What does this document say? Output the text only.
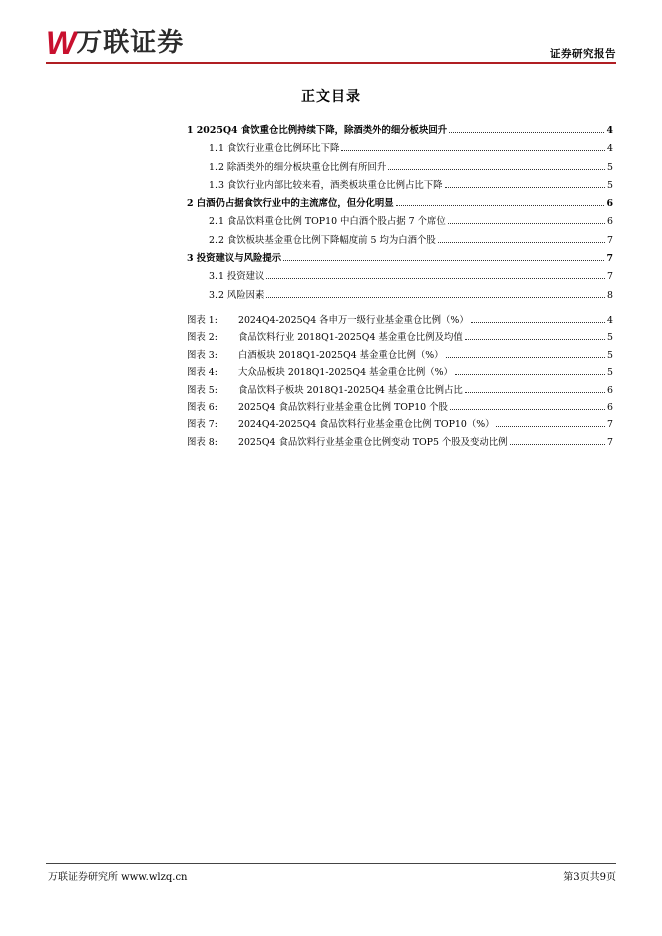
W 万联证券	证券研究报告
正文目录
1 2025Q4 食饮重仓比例持续下降，除酒类外的细分板块回升	4
1.1 食饮行业重仓比例环比下降	4
1.2 除酒类外的细分板块重仓比例有所回升	5
1.3 食饮行业内部比较来看，酒类板块重仓比例占比下降	5
2 白酒仍占据食饮行业中的主流席位，但分化明显	6
2.1 食品饮料重仓比例 TOP10 中白酒个股占据 7 个席位	6
2.2 食饮板块基金重仓比例下降幅度前 5 均为白酒个股	7
3 投资建议与风险提示	7
3.1 投资建议	7
3.2 风险因素	8
图表 1:	2024Q4-2025Q4 各申万一级行业基金重仓比例（%）	4
图表 2:	食品饮料行业 2018Q1-2025Q4 基金重仓比例及均值	5
图表 3:	白酒板块 2018Q1-2025Q4 基金重仓比例（%）	5
图表 4:	大众品板块 2018Q1-2025Q4 基金重仓比例（%）	5
图表 5:	食品饮料子板块 2018Q1-2025Q4 基金重仓比例占比	6
图表 6:	2025Q4 食品饮料行业基金重仓比例 TOP10 个股	6
图表 7:	2024Q4-2025Q4 食品饮料行业基金重仓比例 TOP10（%）	7
图表 8:	2025Q4 食品饮料行业基金重仓比例变动 TOP5 个股及变动比例	7
万联证券研究所 www.wlzq.cn	第3页共9页
